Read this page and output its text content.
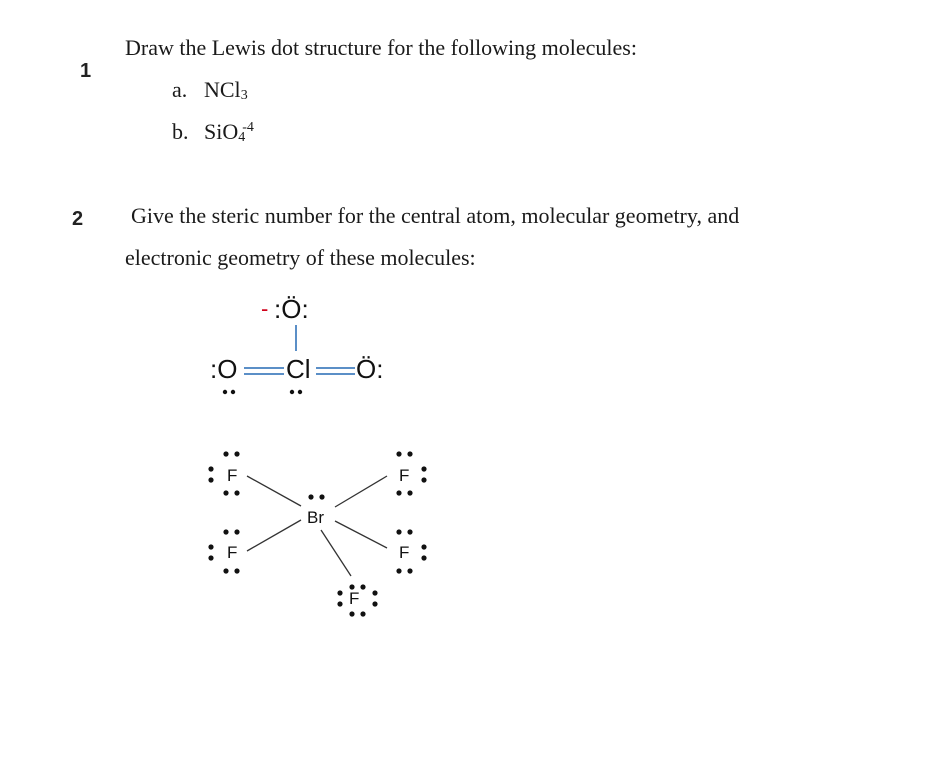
1
Draw the Lewis dot structure for the following molecules:
a. NCl$_3$
b. SiO$_4^{-4}$
2 Give the steric number for the central atom, molecular geometry, and
electronic geometry of these molecules:
- :Ö:
:O Cl Ö:
F
F
F
F
Br
F
